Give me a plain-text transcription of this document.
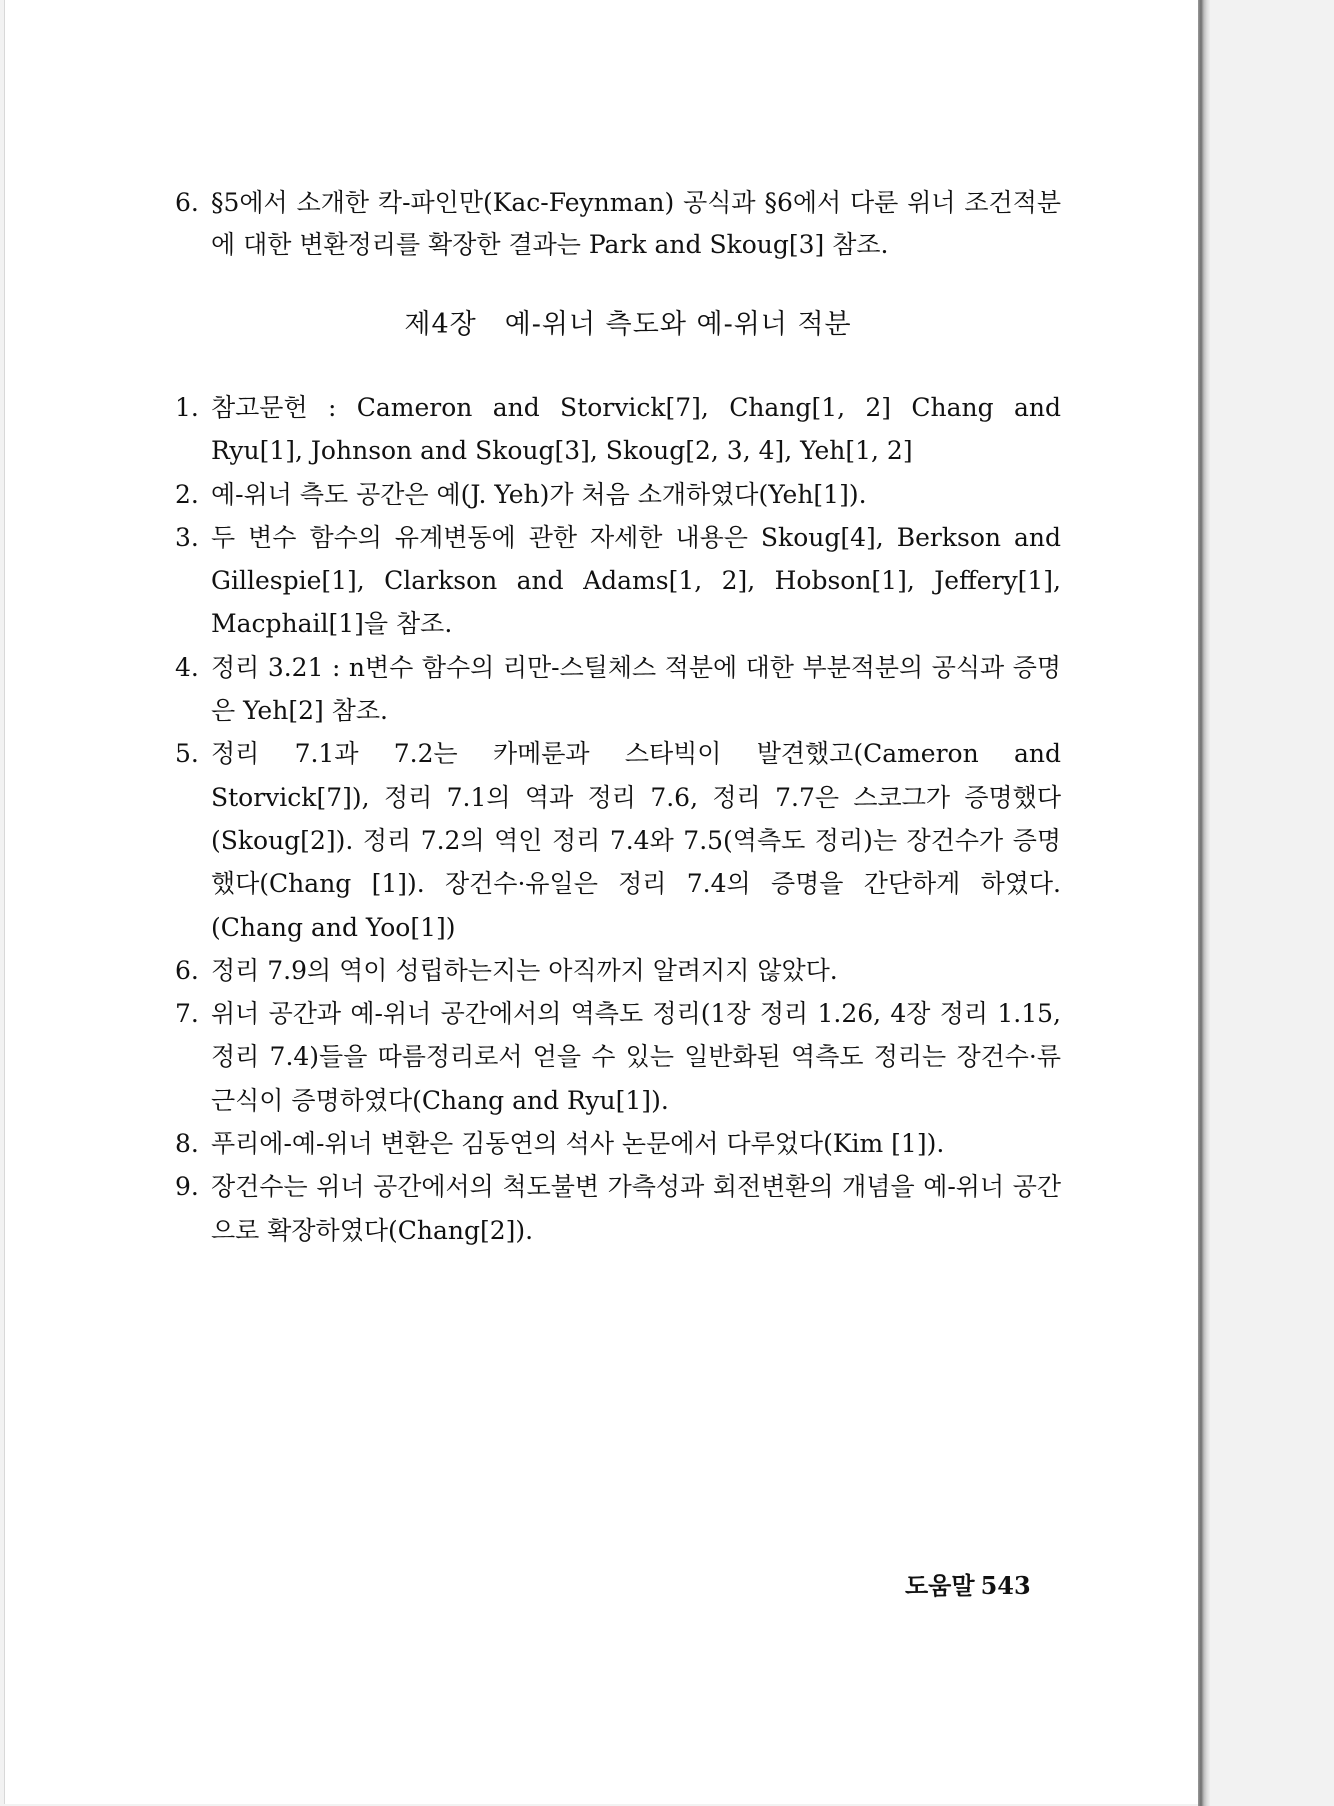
6. §5에서 소개한 칵-파인만(Kac-Feynman) 공식과 §6에서 다룬 위너 조건적분에 대한 변환정리를 확장한 결과는 Park and Skoug[3] 참조.
제4장 예-위너 측도와 예-위너 적분
1. 참고문헌 : Cameron and Storvick[7], Chang[1, 2] Chang and Ryu[1], Johnson and Skoug[3], Skoug[2, 3, 4], Yeh[1, 2]
2. 예-위너 측도 공간은 예(J. Yeh)가 처음 소개하였다(Yeh[1]).
3. 두 변수 함수의 유계변동에 관한 자세한 내용은 Skoug[4], Berkson and Gillespie[1], Clarkson and Adams[1, 2], Hobson[1], Jeffery[1], Macphail[1]을 참조.
4. 정리 3.21 : n변수 함수의 리만-스틸체스 적분에 대한 부분적분의 공식과 증명은 Yeh[2] 참조.
5. 정리 7.1과 7.2는 카메룬과 스타빅이 발견했고(Cameron and Storvick[7]), 정리 7.1의 역과 정리 7.6, 정리 7.7은 스코그가 증명했다(Skoug[2]). 정리 7.2의 역인 정리 7.4와 7.5(역측도 정리)는 장건수가 증명했다(Chang [1]). 장건수·유일은 정리 7.4의 증명을 간단하게 하였다. (Chang and Yoo[1])
6. 정리 7.9의 역이 성립하는지는 아직까지 알려지지 않았다.
7. 위너 공간과 예-위너 공간에서의 역측도 정리(1장 정리 1.26, 4장 정리 1.15, 정리 7.4)들을 따름정리로서 얻을 수 있는 일반화된 역측도 정리는 장건수·류근식이 증명하였다(Chang and Ryu[1]).
8. 푸리에-예-위너 변환은 김동연의 석사 논문에서 다루었다(Kim [1]).
9. 장건수는 위너 공간에서의 척도불변 가측성과 회전변환의 개념을 예-위너 공간으로 확장하였다(Chang[2]).
도움말 543
